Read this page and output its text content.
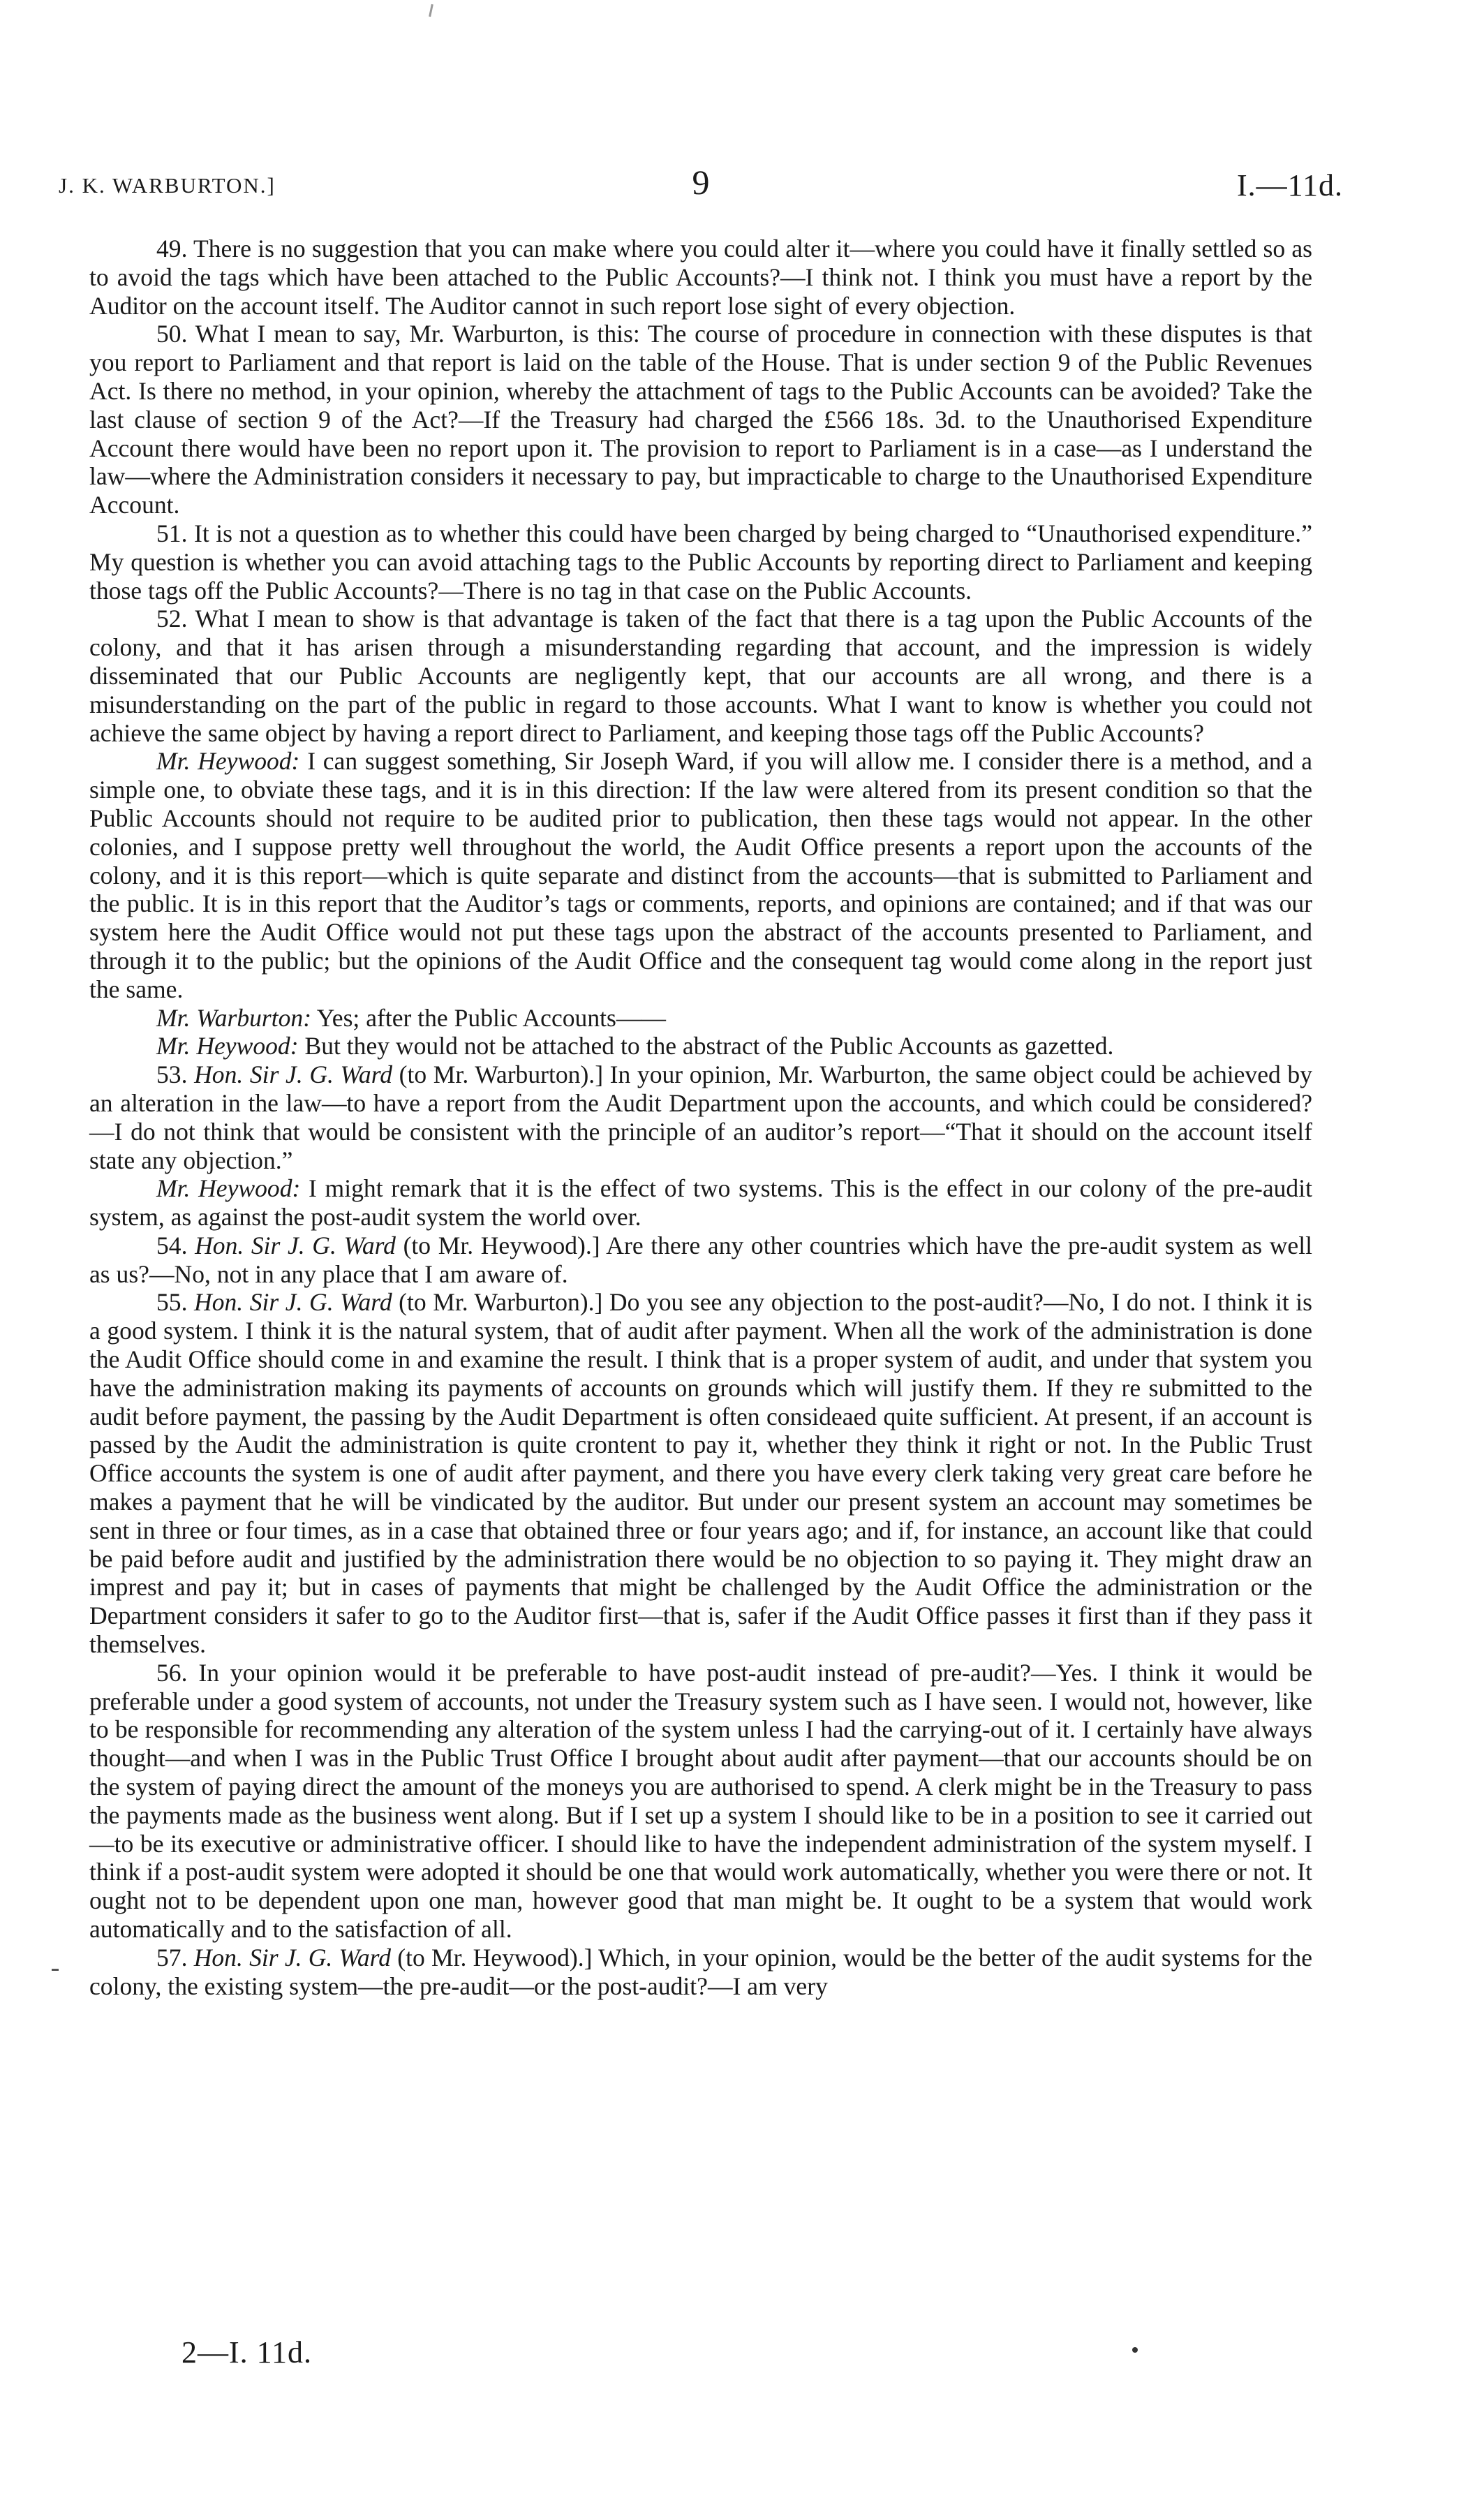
J. K. WARBURTON.]	9	I.—11d.

49. There is no suggestion that you can make where you could alter it—where you could have it finally settled so as to avoid the tags which have been attached to the Public Accounts?—I think not. I think you must have a report by the Auditor on the account itself. The Auditor cannot in such report lose sight of every objection.

50. What I mean to say, Mr. Warburton, is this: The course of procedure in connection with these disputes is that you report to Parliament and that report is laid on the table of the House. That is under section 9 of the Public Revenues Act. Is there no method, in your opinion, whereby the attachment of tags to the Public Accounts can be avoided? Take the last clause of section 9 of the Act?—If the Treasury had charged the £566 18s. 3d. to the Unauthorised Expenditure Account there would have been no report upon it. The provision to report to Parliament is in a case—as I understand the law—where the Administration considers it necessary to pay, but impracticable to charge to the Unauthorised Expenditure Account.

51. It is not a question as to whether this could have been charged by being charged to “Unauthorised expenditure.” My question is whether you can avoid attaching tags to the Public Accounts by reporting direct to Parliament and keeping those tags off the Public Accounts?—There is no tag in that case on the Public Accounts.

52. What I mean to show is that advantage is taken of the fact that there is a tag upon the Public Accounts of the colony, and that it has arisen through a misunderstanding regarding that account, and the impression is widely disseminated that our Public Accounts are negligently kept, that our accounts are all wrong, and there is a misunderstanding on the part of the public in regard to those accounts. What I want to know is whether you could not achieve the same object by having a report direct to Parliament, and keeping those tags off the Public Accounts?

Mr. Heywood: I can suggest something, Sir Joseph Ward, if you will allow me. I consider there is a method, and a simple one, to obviate these tags, and it is in this direction: If the law were altered from its present condition so that the Public Accounts should not require to be audited prior to publication, then these tags would not appear. In the other colonies, and I suppose pretty well throughout the world, the Audit Office presents a report upon the accounts of the colony, and it is this report—which is quite separate and distinct from the accounts—that is submitted to Parliament and the public. It is in this report that the Auditor’s tags or comments, reports, and opinions are contained; and if that was our system here the Audit Office would not put these tags upon the abstract of the accounts presented to Parliament, and through it to the public; but the opinions of the Audit Office and the consequent tag would come along in the report just the same.

Mr. Warburton: Yes; after the Public Accounts——

Mr. Heywood: But they would not be attached to the abstract of the Public Accounts as gazetted.

53. Hon. Sir J. G. Ward (to Mr. Warburton).] In your opinion, Mr. Warburton, the same object could be achieved by an alteration in the law—to have a report from the Audit Department upon the accounts, and which could be considered?—I do not think that would be consistent with the principle of an auditor’s report—“That it should on the account itself state any objection.”

Mr. Heywood: I might remark that it is the effect of two systems. This is the effect in our colony of the pre-audit system, as against the post-audit system the world over.

54. Hon. Sir J. G. Ward (to Mr. Heywood).] Are there any other countries which have the pre-audit system as well as us?—No, not in any place that I am aware of.

55. Hon. Sir J. G. Ward (to Mr. Warburton).] Do you see any objection to the post-audit?—No, I do not. I think it is a good system. I think it is the natural system, that of audit after payment. When all the work of the administration is done the Audit Office should come in and examine the result. I think that is a proper system of audit, and under that system you have the administration making its payments of accounts on grounds which will justify them. If they re submitted to the audit before payment, the passing by the Audit Department is often consideaed quite sufficient. At present, if an account is passed by the Audit the administration is quite crontent to pay it, whether they think it right or not. In the Public Trust Office accounts the system is one of audit after payment, and there you have every clerk taking very great care before he makes a payment that he will be vindicated by the auditor. But under our present system an account may sometimes be sent in three or four times, as in a case that obtained three or four years ago; and if, for instance, an account like that could be paid before audit and justified by the administration there would be no objection to so paying it. They might draw an imprest and pay it; but in cases of payments that might be challenged by the Audit Office the administration or the Department considers it safer to go to the Auditor first—that is, safer if the Audit Office passes it first than if they pass it themselves.

56. In your opinion would it be preferable to have post-audit instead of pre-audit?—Yes. I think it would be preferable under a good system of accounts, not under the Treasury system such as I have seen. I would not, however, like to be responsible for recommending any alteration of the system unless I had the carrying-out of it. I certainly have always thought—and when I was in the Public Trust Office I brought about audit after payment—that our accounts should be on the system of paying direct the amount of the moneys you are authorised to spend. A clerk might be in the Treasury to pass the payments made as the business went along. But if I set up a system I should like to be in a position to see it carried out—to be its executive or administrative officer. I should like to have the independent administration of the system myself. I think if a post-audit system were adopted it should be one that would work automatically, whether you were there or not. It ought not to be dependent upon one man, however good that man might be. It ought to be a system that would work automatically and to the satisfaction of all.

57. Hon. Sir J. G. Ward (to Mr. Heywood).] Which, in your opinion, would be the better of the audit systems for the colony, the existing system—the pre-audit—or the post-audit?—I am very

2—I. 11d.
